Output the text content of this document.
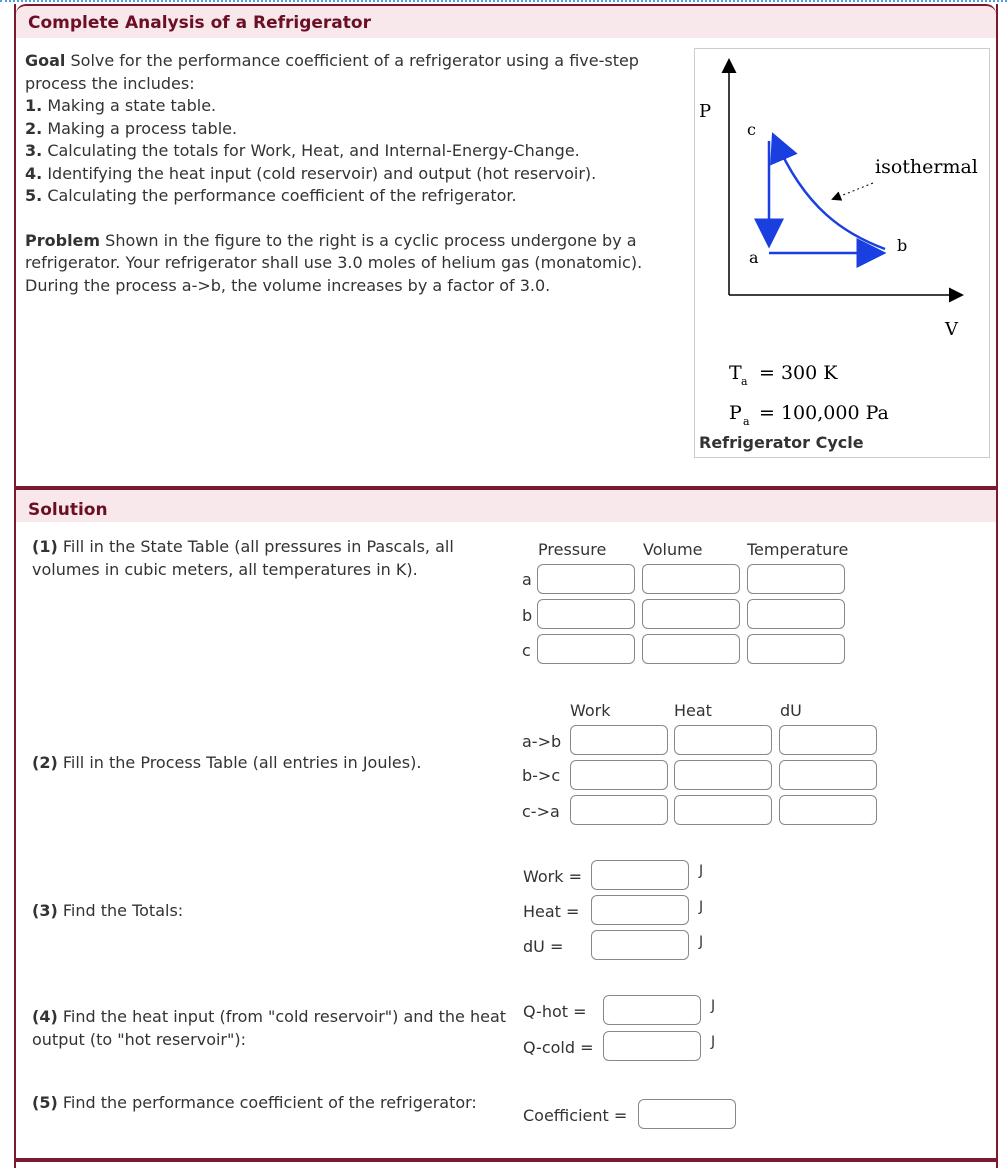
Complete Analysis of a Refrigerator
Goal Solve for the performance coefficient of a refrigerator using a five-step process the includes:
1. Making a state table.
2. Making a process table.
3. Calculating the totals for Work, Heat, and Internal-Energy-Change.
4. Identifying the heat input (cold reservoir) and output (hot reservoir).
5. Calculating the performance coefficient of the refrigerator.
Problem Shown in the figure to the right is a cyclic process undergone by a refrigerator. Your refrigerator shall use 3.0 moles of helium gas (monatomic). During the process a->b, the volume increases by a factor of 3.0.
P
V
c
a
b
isothermal
T a = 300 K
P a = 100,000 Pa
Refrigerator Cycle
Solution
(1) Fill in the State Table (all pressures in Pascals, all volumes in cubic meters, all temperatures in K).
Pressure Volume	Temperature
a
b
c
(2) Fill in the Process Table (all entries in Joules).
Work	Heat	dU
a->b
b->c
c->a
(3) Find the Totals:
Work =	J
Heat =	J
dU =	J
(4) Find the heat input (from "cold reservoir") and the heat output (to "hot reservoir"):
Q-hot =	J
Q-cold =	J
(5) Find the performance coefficient of the refrigerator:
Coefficient =
